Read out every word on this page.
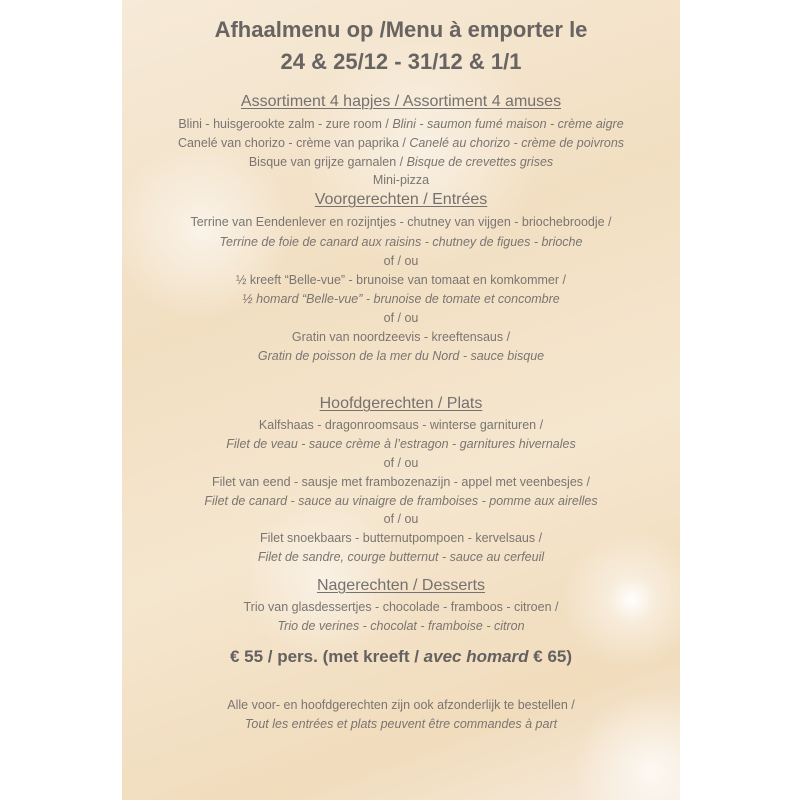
Afhaalmenu op /Menu à emporter le
24 & 25/12 - 31/12 & 1/1
Assortiment 4 hapjes / Assortiment 4 amuses
Blini - huisgerookte zalm - zure room / Blini - saumon fumé maison - crème aigre
Canelé van chorizo - crème van paprika / Canelé au chorizo - crème de poivrons
Bisque van grijze garnalen / Bisque de crevettes grises
Mini-pizza
Voorgerechten / Entrées
Terrine van Eendenlever en rozijntjes - chutney van vijgen - briochebroodje /
Terrine de foie de canard aux raisins - chutney de figues - brioche
of / ou
½ kreeft “Belle-vue” - brunoise van tomaat en komkommer /
½ homard “Belle-vue” - brunoise de tomate et concombre
of / ou
Gratin van noordzeevis - kreeftensaus /
Gratin de poisson de la mer du Nord - sauce bisque
Hoofdgerechten / Plats
Kalfshaas - dragonroomsaus - winterse garnituren /
Filet de veau - sauce crème à l’estragon - garnitures hivernales
of / ou
Filet van eend - sausje met frambozenazijn - appel met veenbesjes /
Filet de canard - sauce au vinaigre de framboises - pomme aux airelles
of / ou
Filet snoekbaars - butternutpompoen - kervelsaus /
Filet de sandre, courge butternut - sauce au cerfeuil
Nagerechten / Desserts
Trio van glasdessertjes - chocolade - framboos - citroen /
Trio de verines - chocolat - framboise - citron
€ 55 / pers. (met kreeft / avec homard € 65)
Alle voor- en hoofdgerechten zijn ook afzonderlijk te bestellen /
Tout les entrées et plats peuvent être commandes à part
